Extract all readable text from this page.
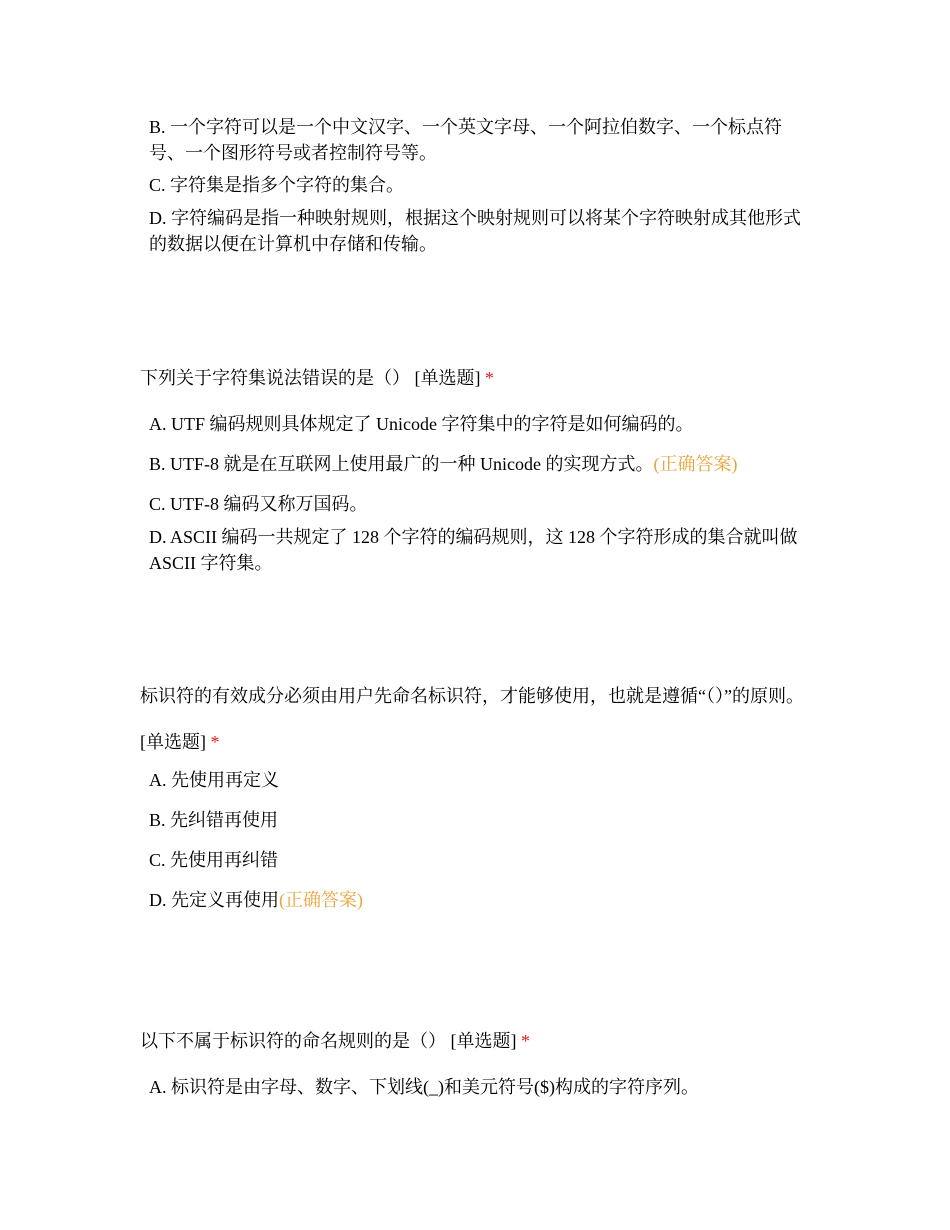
B. 一个字符可以是一个中文汉字、一个英文字母、一个阿拉伯数字、一个标点符号、一个图形符号或者控制符号等。

C. 字符集是指多个字符的集合。

D. 字符编码是指一种映射规则，根据这个映射规则可以将某个字符映射成其他形式的数据以便在计算机中存储和传输。

下列关于字符集说法错误的是（） [单选题] *

A. UTF 编码规则具体规定了 Unicode 字符集中的字符是如何编码的。

B. UTF-8 就是在互联网上使用最广的一种 Unicode 的实现方式。(正确答案)

C. UTF-8 编码又称万国码。

D. ASCII 编码一共规定了 128 个字符的编码规则，这 128 个字符形成的集合就叫做 ASCII 字符集。

标识符的有效成分必须由用户先命名标识符，才能够使用，也就是遵循“（）”的原则。 [单选题] *

A. 先使用再定义

B. 先纠错再使用

C. 先使用再纠错

D. 先定义再使用(正确答案)

以下不属于标识符的命名规则的是（） [单选题] *

A. 标识符是由字母、数字、下划线(_)和美元符号($)构成的字符序列。
